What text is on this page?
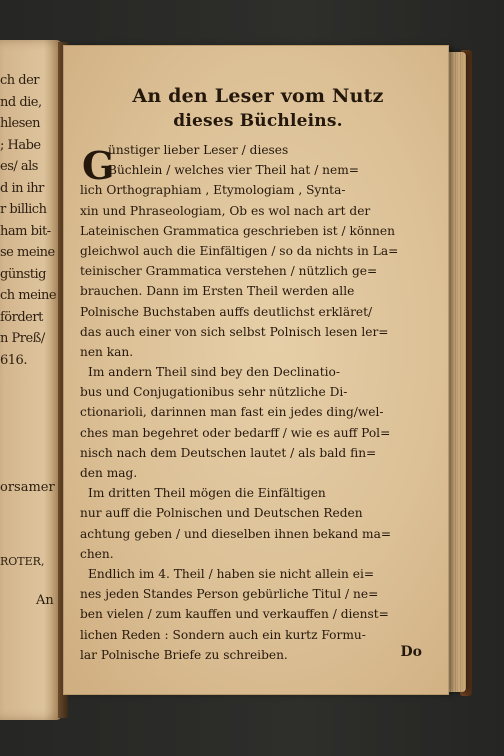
ch der
nd die,
hlesen
; Habe
es/ als
d in ihr
r billich
ham bit-
se meine
günstig
ch meine
fördert
n Preß/
616.
orsamer
ROTER,
An
An den Leser vom Nutz
dieses Büchleins.
ünstiger lieber Leser / dieses
Büchlein / welches vier Theil hat / nem=
lich Orthographiam , Etymologiam , Synta-
xin und Phraseologiam, Ob es wol nach art der
Lateinischen Grammatica geschrieben ist / können
gleichwol auch die Einfältigen / so da nichts in La=
teinischer Grammatica verstehen / nützlich ge=
brauchen. Dann im Ersten Theil werden alle
Polnische Buchstaben auffs deutlichst erkläret/
das auch einer von sich selbst Polnisch lesen ler=
nen kan.
Im andern Theil sind bey den Declinatio-
bus und Conjugationibus sehr nützliche Di-
ctionarioli, darinnen man fast ein jedes ding/wel-
ches man begehret oder bedarff / wie es auff Pol=
nisch nach dem Deutschen lautet / als bald fin=
den mag.
Im dritten Theil mögen die Einfältigen
nur auff die Polnischen und Deutschen Reden
achtung geben / und dieselben ihnen bekand ma=
chen.
Endlich im 4. Theil / haben sie nicht allein ei=
nes jeden Standes Person gebürliche Titul / ne=
ben vielen / zum kauffen und verkauffen / dienst=
lichen Reden : Sondern auch ein kurtz Formu-
lar Polnische Briefe zu schreiben.
G
Do
